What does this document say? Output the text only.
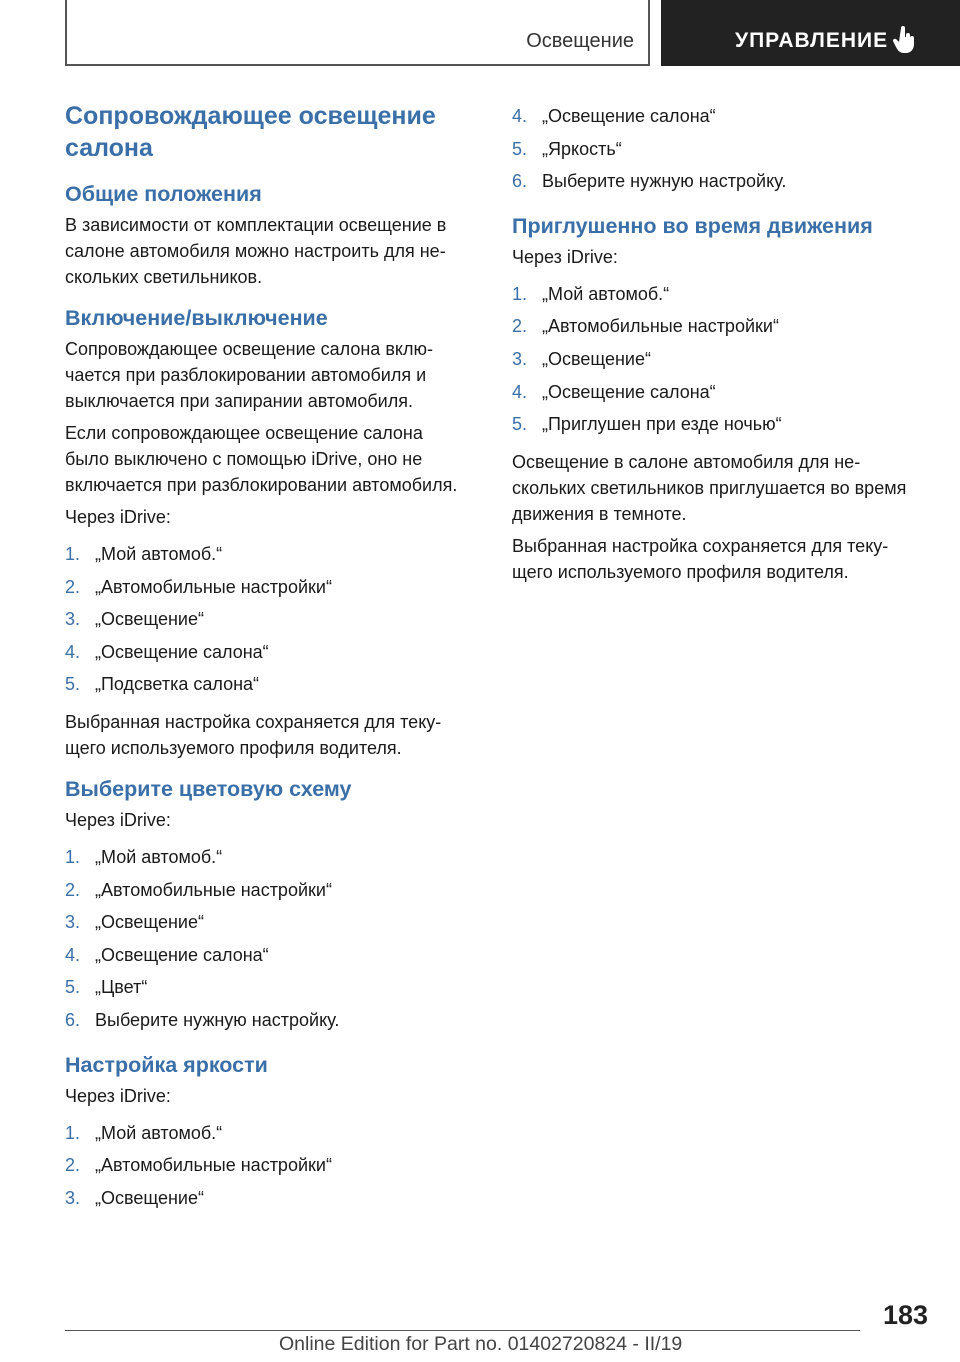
Освещение	УПРАВЛЕНИЕ
Сопровождающее освещение салона
Общие положения
В зависимости от комплектации освещение в салоне автомобиля можно настроить для нескольких светильников.
Включение/выключение
Сопровождающее освещение салона включается при разблокировании автомобиля и выключается при запирании автомобиля.
Если сопровождающее освещение салона было выключено с помощью iDrive, оно не включается при разблокировании автомобиля.
Через iDrive:
1. „Мой автомоб.“
2. „Автомобильные настройки“
3. „Освещение“
4. „Освещение салона“
5. „Подсветка салона“
Выбранная настройка сохраняется для текущего используемого профиля водителя.
Выберите цветовую схему
Через iDrive:
1. „Мой автомоб.“
2. „Автомобильные настройки“
3. „Освещение“
4. „Освещение салона“
5. „Цвет“
6. Выберите нужную настройку.
Настройка яркости
Через iDrive:
1. „Мой автомоб.“
2. „Автомобильные настройки“
3. „Освещение“
4. „Освещение салона“
5. „Яркость“
6. Выберите нужную настройку.
Приглушенно во время движения
Через iDrive:
1. „Мой автомоб.“
2. „Автомобильные настройки“
3. „Освещение“
4. „Освещение салона“
5. „Приглушен при езде ночью“
Освещение в салоне автомобиля для нескольких светильников приглушается во время движения в темноте.
Выбранная настройка сохраняется для текущего используемого профиля водителя.
183
Online Edition for Part no. 01402720824 - II/19
